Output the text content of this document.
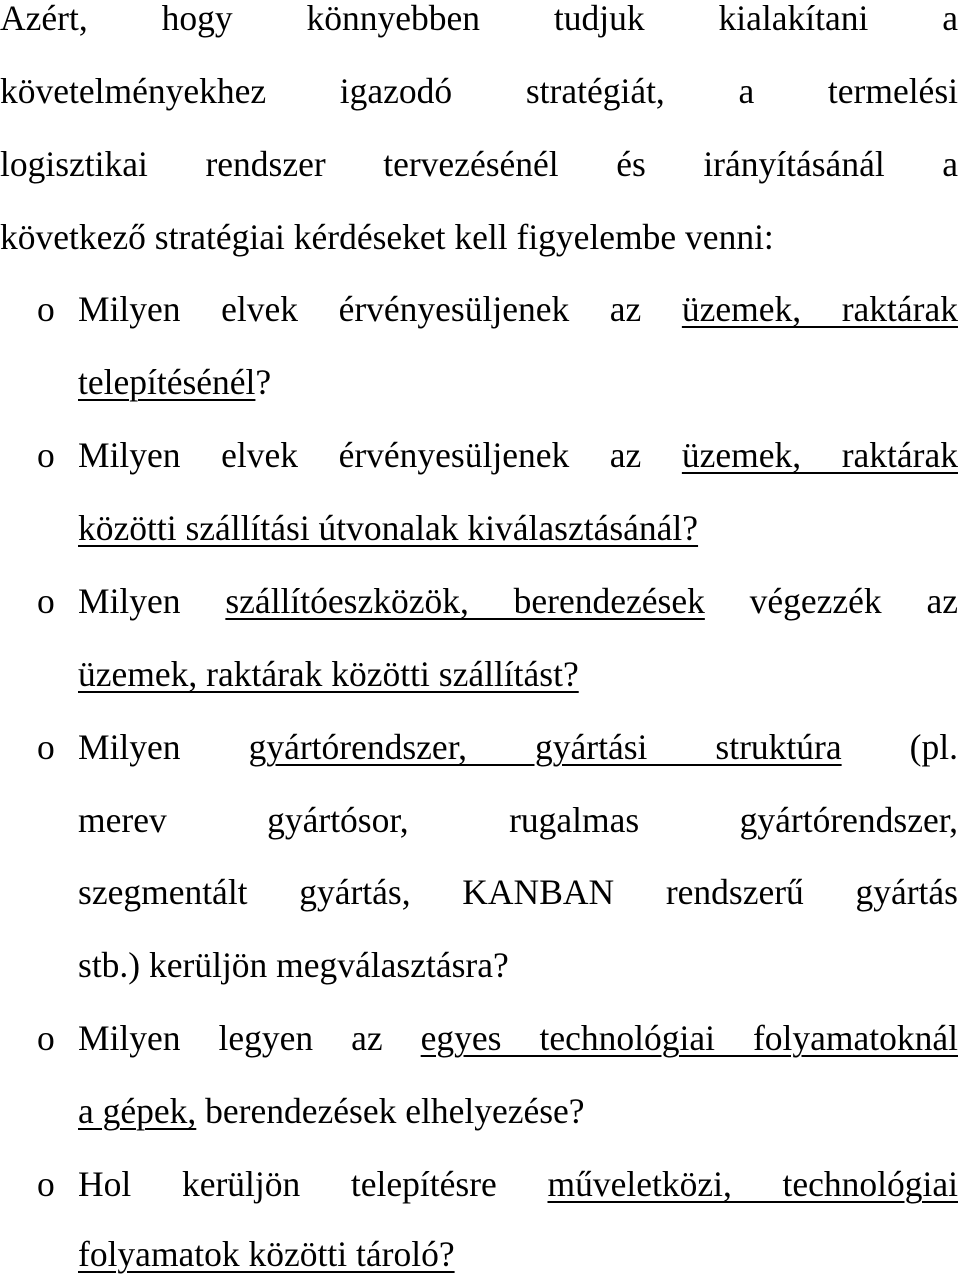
Azért, hogy könnyebben tudjuk kialakítani a
követelményekhez igazodó stratégiát, a termelési
logisztikai rendszer tervezésénél és irányításánál a
következő stratégiai kérdéseket kell figyelembe venni:
o Milyen elvek érvényesüljenek az üzemek, raktárak
telepítésénél?
o Milyen elvek érvényesüljenek az üzemek, raktárak
közötti szállítási útvonalak kiválasztásánál?
o Milyen szállítóeszközök, berendezések végezzék az
üzemek, raktárak közötti szállítást?
o Milyen gyártórendszer, gyártási struktúra (pl.
merev gyártósor, rugalmas gyártórendszer,
szegmentált gyártás, KANBAN rendszerű gyártás
stb.) kerüljön megválasztásra?
o Milyen legyen az egyes technológiai folyamatoknál
a gépek, berendezések elhelyezése?
o Hol kerüljön telepítésre műveletközi, technológiai
folyamatok közötti tároló?
